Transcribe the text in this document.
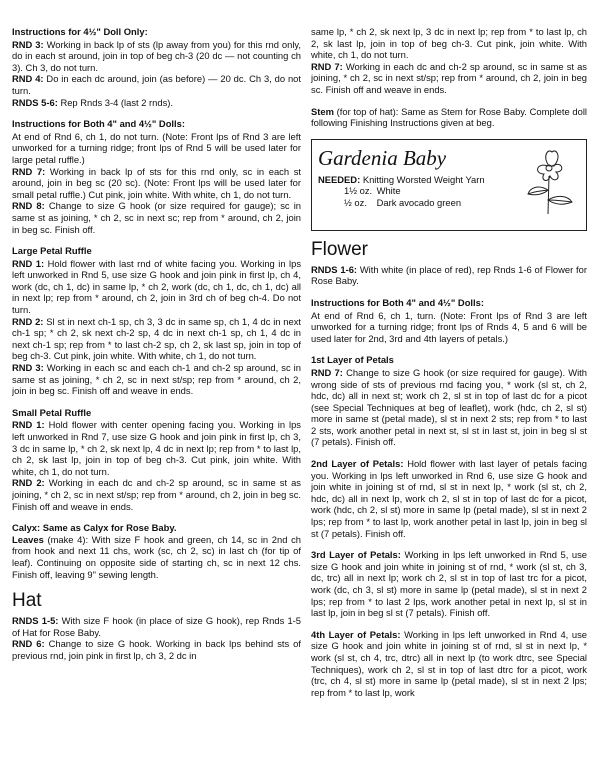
Instructions for 4½" Doll Only:

RND 3: Working in back lp of sts (lp away from you) for this rnd only, do in each st around, join in top of beg ch-3 (20 dc — not counting ch 3). Ch 3, do not turn.

RND 4: Do in each dc around, join (as before) — 20 dc. Ch 3, do not turn.

RNDS 5-6: Rep Rnds 3-4 (last 2 rnds).

Instructions for Both 4" and 4½" Dolls:

At end of Rnd 6, ch 1, do not turn. (Note: Front lps of Rnd 3 are left unworked for a turning ridge; front lps of Rnd 5 will be used later for large petal ruffle.)

RND 7: Working in back lp of sts for this rnd only, sc in each st around, join in beg sc (20 sc). (Note: Front lps will be used later for small petal ruffle.) Cut pink, join white. With white, ch 1, do not turn.

RND 8: Change to size G hook (or size required for gauge); sc in same st as joining, * ch 2, sc in next sc; rep from * around, ch 2, join in beg sc. Finish off.

Large Petal Ruffle

RND 1: Hold flower with last rnd of white facing you. Working in lps left unworked in Rnd 5, use size G hook and join pink in first lp, ch 4, work (dc, ch 1, dc) in same lp, * ch 2, work (dc, ch 1, dc, ch 1, dc) all in next lp; rep from * around, ch 2, join in 3rd ch of beg ch-4. Do not turn.

RND 2: Sl st in next ch-1 sp, ch 3, 3 dc in same sp, ch 1, 4 dc in next ch-1 sp; * ch 2, sk next ch-2 sp, 4 dc in next ch-1 sp, ch 1, 4 dc in next ch-1 sp; rep from * to last ch-2 sp, ch 2, sk last sp, join in top of beg ch-3. Cut pink, join white. With white, ch 1, do not turn.

RND 3: Working in each sc and each ch-1 and ch-2 sp around, sc in same st as joining, * ch 2, sc in next st/sp; rep from * around, ch 2, join in beg sc. Finish off and weave in ends.

Small Petal Ruffle

RND 1: Hold flower with center opening facing you. Working in lps left unworked in Rnd 7, use size G hook and join pink in first lp, ch 3, 3 dc in same lp, * ch 2, sk next lp, 4 dc in next lp; rep from * to last lp, ch 2, sk last lp, join in top of beg ch-3. Cut pink, join white. With white, ch 1, do not turn.

RND 2: Working in each dc and ch-2 sp around, sc in same st as joining, * ch 2, sc in next st/sp; rep from * around, ch 2, join in beg sc. Finish off and weave in ends.

Calyx: Same as Calyx for Rose Baby.

Leaves (make 4): With size F hook and green, ch 14, sc in 2nd ch from hook and next 11 chs, work (sc, ch 2, sc) in last ch (for tip of leaf). Continuing on opposite side of starting ch, sc in next 12 chs. Finish off, leaving 9" sewing length.

Hat

RNDS 1-5: With size F hook (in place of size G hook), rep Rnds 1-5 of Hat for Rose Baby.

RND 6: Change to size G hook. Working in back lps behind sts of previous rnd, join pink in first lp, ch 3, 2 dc in

same lp, * ch 2, sk next lp, 3 dc in next lp; rep from * to last lp, ch 2, sk last lp, join in top of beg ch-3. Cut pink, join white. With white, ch 1, do not turn.

RND 7: Working in each dc and ch-2 sp around, sc in same st as joining, * ch 2, sc in next st/sp; rep from * around, ch 2, join in beg sc. Finish off and weave in ends.

Stem (for top of hat): Same as Stem for Rose Baby. Complete doll following Finishing Instructions given at beg.

Gardenia Baby
NEEDED: Knitting Worsted Weight Yarn
1½ oz. White
½ oz. Dark avocado green
Flower

RNDS 1-6: With white (in place of red), rep Rnds 1-6 of Flower for Rose Baby.

Instructions for Both 4" and 4½" Dolls:

At end of Rnd 6, ch 1, turn. (Note: Front lps of Rnd 3 are left unworked for a turning ridge; front lps of Rnds 4, 5 and 6 will be used later for 2nd, 3rd and 4th layers of petals.)

1st Layer of Petals

RND 7: Change to size G hook (or size required for gauge). With wrong side of sts of previous rnd facing you, * work (sl st, ch 2, hdc, dc) all in next st; work ch 2, sl st in top of last dc for a picot (see Special Techniques at beg of leaflet), work (hdc, ch 2, sl st) more in same st (petal made), sl st in next 2 sts; rep from * to last 2 sts, work another petal in next st, sl st in last st, join in beg sl st (7 petals). Finish off.

2nd Layer of Petals: Hold flower with last layer of petals facing you. Working in lps left unworked in Rnd 6, use size G hook and join white in joining st of rnd, sl st in next lp, * work (sl st, ch 2, hdc, dc) all in next lp, work ch 2, sl st in top of last dc for a picot, work (hdc, ch 2, sl st) more in same lp (petal made), sl st in next 2 lps; rep from * to last lp, work another petal in last lp, join in beg sl st (7 petals). Finish off.

3rd Layer of Petals: Working in lps left unworked in Rnd 5, use size G hook and join white in joining st of rnd, * work (sl st, ch 3, dc, trc) all in next lp; work ch 2, sl st in top of last trc for a picot, work (dc, ch 3, sl st) more in same lp (petal made), sl st in next 2 lps; rep from * to last 2 lps, work another petal in next lp, sl st in last lp, join in beg sl st (7 petals). Finish off.

4th Layer of Petals: Working in lps left unworked in Rnd 4, use size G hook and join white in joining st of rnd, sl st in next lp, * work (sl st, ch 4, trc, dtrc) all in next lp (to work dtrc, see Special Techniques), work ch 2, sl st in top of last dtrc for a picot, work (trc, ch 4, sl st) more in same lp (petal made), sl st in next 2 lps; rep from * to last lp, work
